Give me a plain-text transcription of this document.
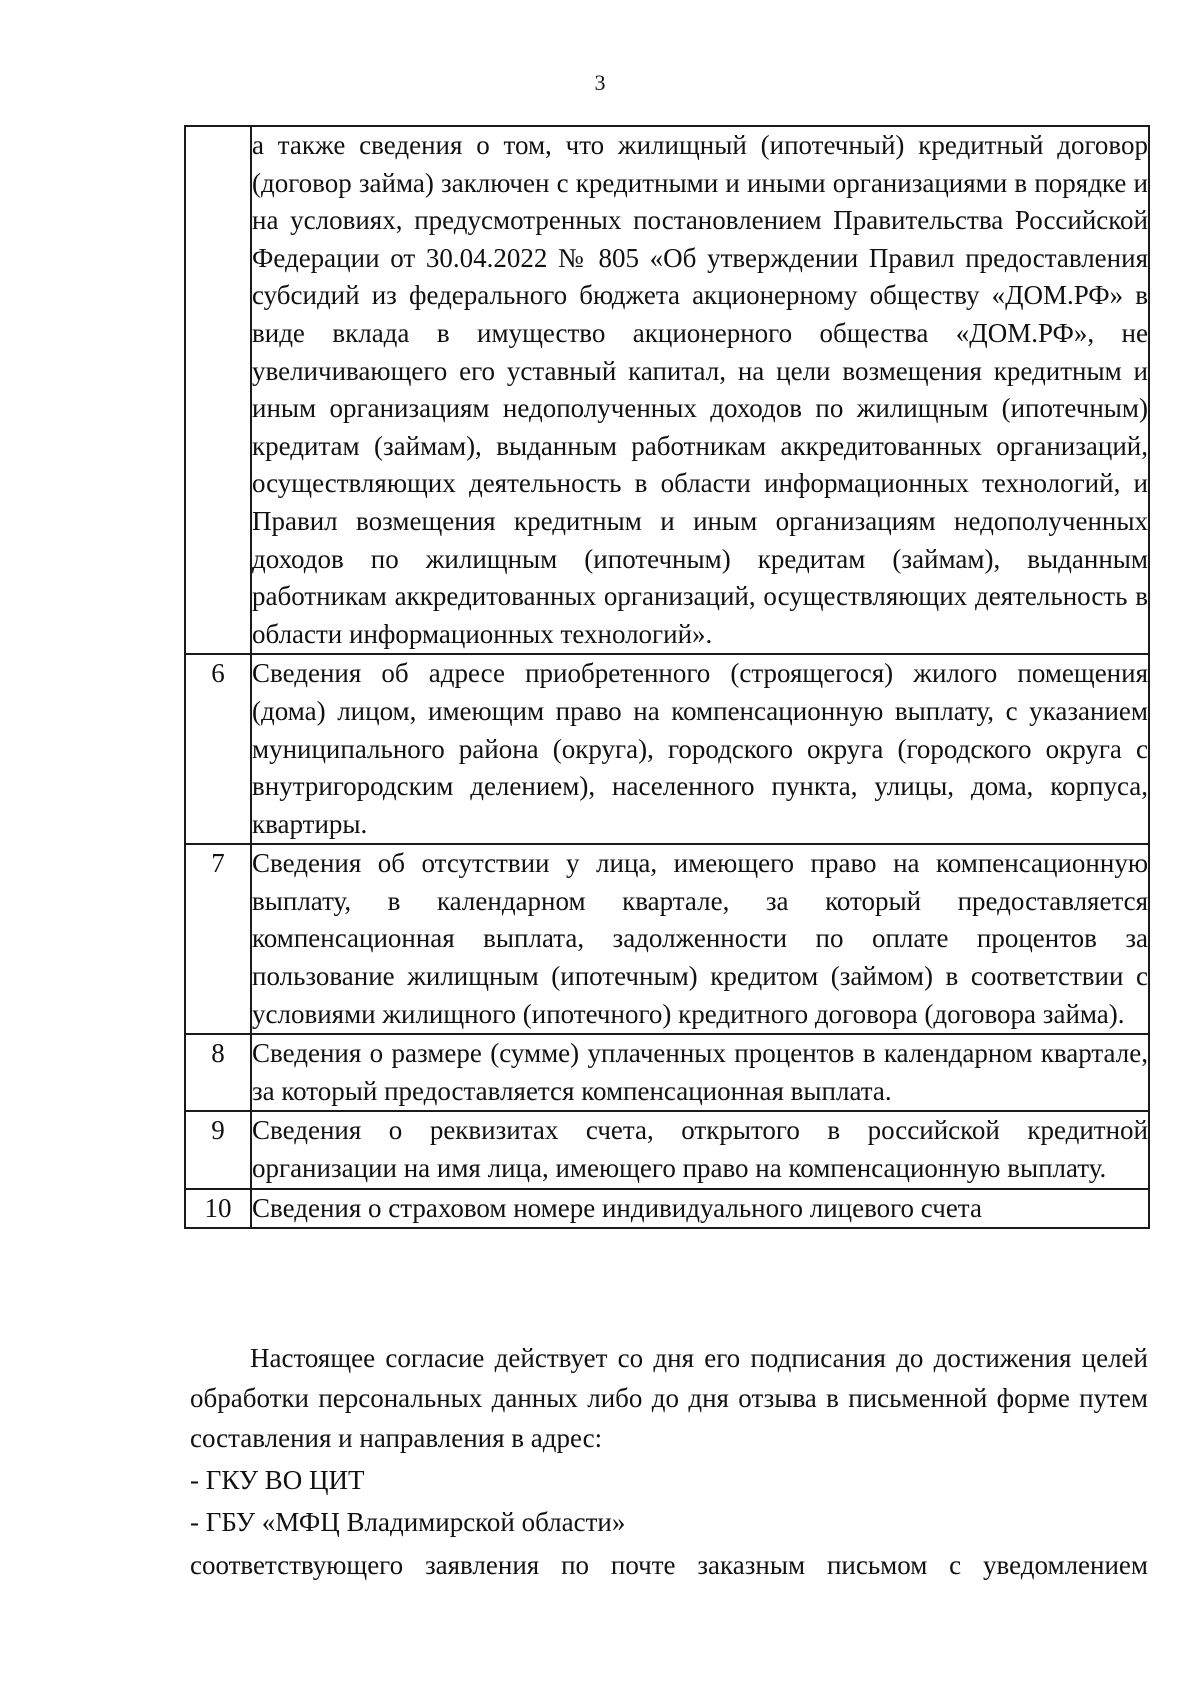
3
	а также сведения о том, что жилищный (ипотечный) кредитный договор (договор займа) заключен с кредитными и иными организациями в порядке и на условиях, предусмотренных постановлением Правительства Российской Федерации от 30.04.2022 № 805 «Об утверждении Правил предоставления субсидий из федерального бюджета акционерному обществу «ДОМ.РФ» в виде вклада в имущество акционерного общества «ДОМ.РФ», не увеличивающего его уставный капитал, на цели возмещения кредитным и иным организациям недополученных доходов по жилищным (ипотечным) кредитам (займам), выданным работникам аккредитованных организаций, осуществляющих деятельность в области информационных технологий, и Правил возмещения кредитным и иным организациям недополученных доходов по жилищным (ипотечным) кредитам (займам), выданным работникам аккредитованных организаций, осуществляющих деятельность в области информационных технологий».
6	Сведения об адресе приобретенного (строящегося) жилого помещения (дома) лицом, имеющим право на компенсационную выплату, с указанием муниципального района (округа), городского округа (городского округа с внутригородским делением), населенного пункта, улицы, дома, корпуса, квартиры.
7	Сведения об отсутствии у лица, имеющего право на компенсационную выплату, в календарном квартале, за который предоставляется компенсационная выплата, задолженности по оплате процентов за пользование жилищным (ипотечным) кредитом (займом) в соответствии с условиями жилищного (ипотечного) кредитного договора (договора займа).
8	Сведения о размере (сумме) уплаченных процентов в календарном квартале, за который предоставляется компенсационная выплата.
9	Сведения о реквизитах счета, открытого в российской кредитной организации на имя лица, имеющего право на компенсационную выплату.
10	Сведения о страховом номере индивидуального лицевого счета
Настоящее согласие действует со дня его подписания до достижения целей обработки персональных данных либо до дня отзыва в письменной форме путем составления и направления в адрес:
- ГКУ ВО ЦИТ
- ГБУ «МФЦ Владимирской области»
соответствующего заявления по почте заказным письмом с уведомлением
